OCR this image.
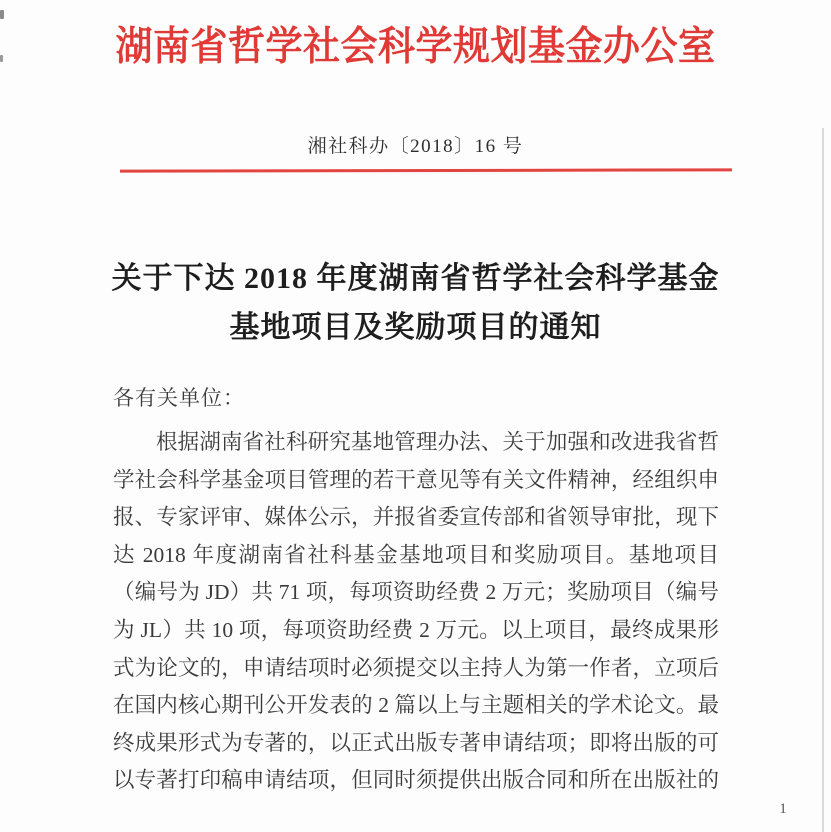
湖南省哲学社会科学规划基金办公室
湘社科办〔2018〕16 号
关于下达 2018 年度湖南省哲学社会科学基金
基地项目及奖励项目的通知
各有关单位：
根据湖南省社科研究基地管理办法、关于加强和改进我省哲
学社会科学基金项目管理的若干意见等有关文件精神，经组织申
报、专家评审、媒体公示，并报省委宣传部和省领导审批，现下
达 2018 年度湖南省社科基金基地项目和奖励项目。基地项目
（编号为 JD）共 71 项，每项资助经费 2 万元；奖励项目（编号
为 JL）共 10 项，每项资助经费 2 万元。以上项目，最终成果形
式为论文的，申请结项时必须提交以主持人为第一作者，立项后
在国内核心期刊公开发表的 2 篇以上与主题相关的学术论文。最
终成果形式为专著的，以正式出版专著申请结项；即将出版的可
以专著打印稿申请结项，但同时须提供出版合同和所在出版社的
1
